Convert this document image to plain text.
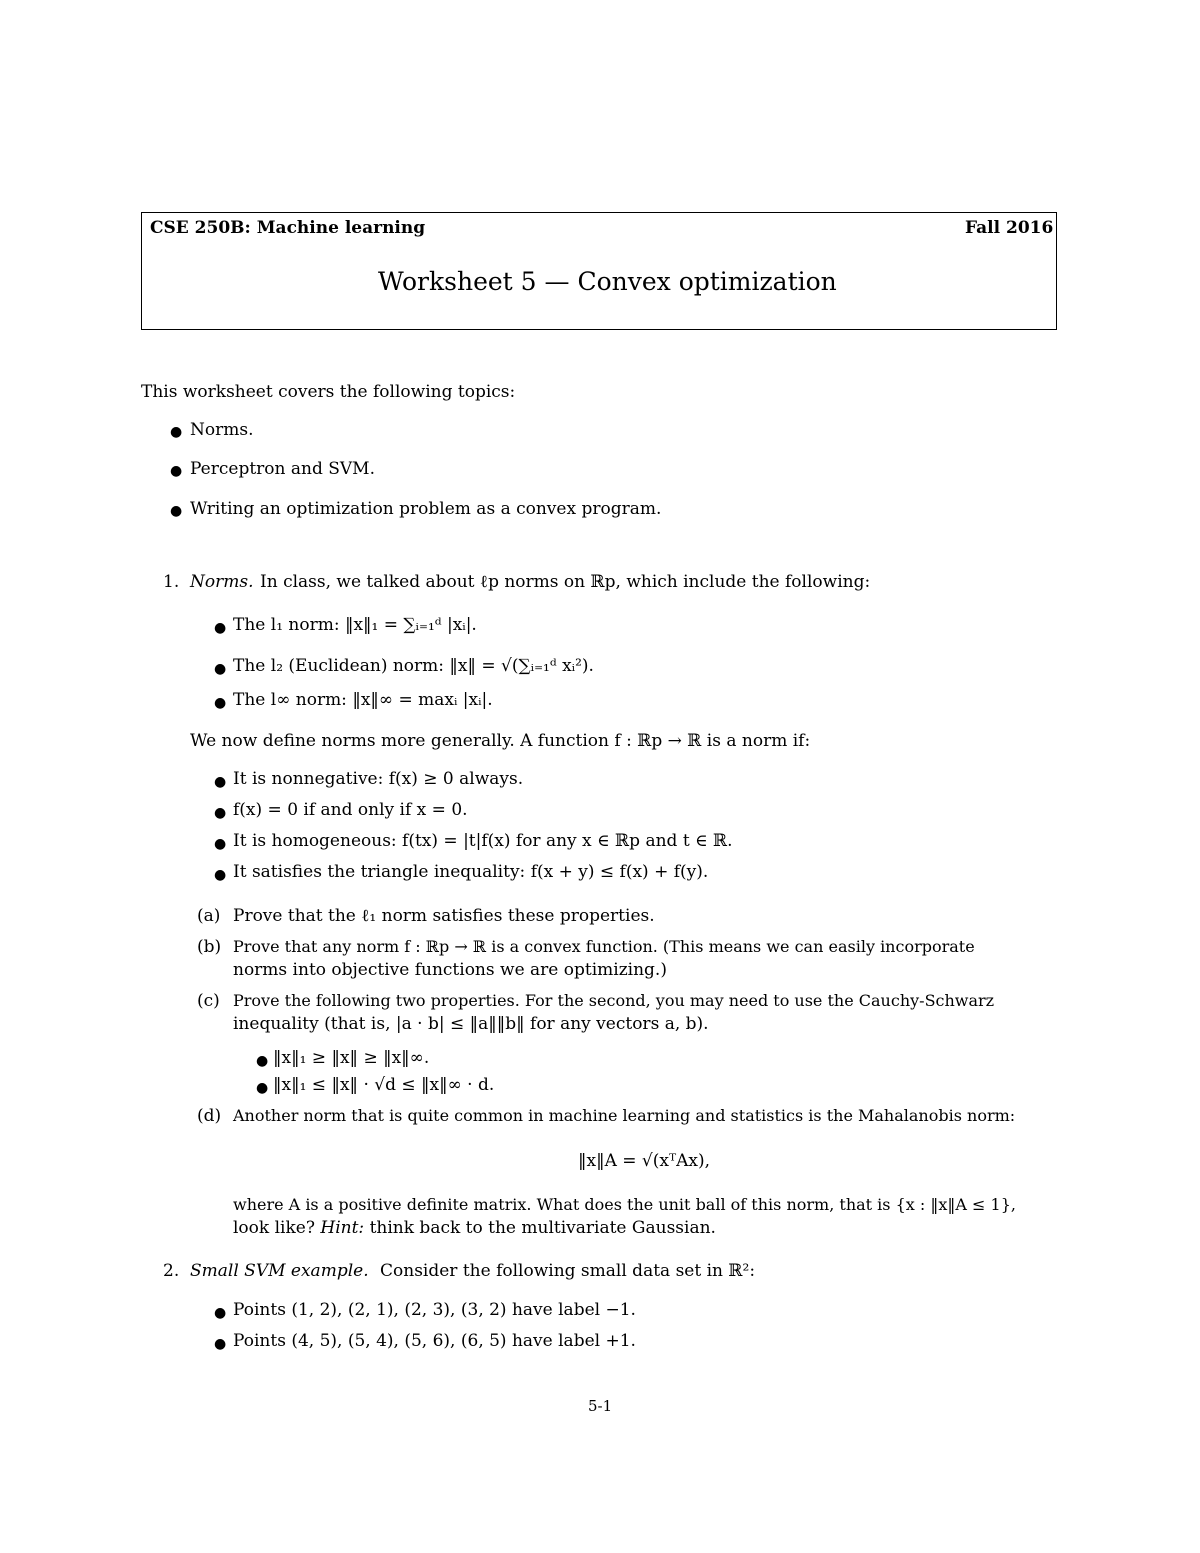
CSE 250B: Machine learning	Fall 2016
Worksheet 5 — Convex optimization
This worksheet covers the following topics:
● Norms.
● Perceptron and SVM.
● Writing an optimization problem as a convex program.
1. Norms. In class, we talked about ℓp norms on ℝp, which include the following:
● The l₁ norm: ‖x‖₁ = ∑ᵢ₌₁ᵈ |xᵢ|.
● The l₂ (Euclidean) norm: ‖x‖ = √(∑ᵢ₌₁ᵈ xᵢ²).
● The l∞ norm: ‖x‖∞ = maxᵢ |xᵢ|.
We now define norms more generally. A function f : ℝp → ℝ is a norm if:
● It is nonnegative: f(x) ≥ 0 always.
● f(x) = 0 if and only if x = 0.
● It is homogeneous: f(tx) = |t|f(x) for any x ∈ ℝp and t ∈ ℝ.
● It satisfies the triangle inequality: f(x + y) ≤ f(x) + f(y).
(a) Prove that the ℓ₁ norm satisfies these properties.
(b) Prove that any norm f : ℝp → ℝ is a convex function. (This means we can easily incorporate
norms into objective functions we are optimizing.)
(c) Prove the following two properties. For the second, you may need to use the Cauchy-Schwarz
inequality (that is, |a · b| ≤ ‖a‖‖b‖ for any vectors a, b).
● ‖x‖₁ ≥ ‖x‖ ≥ ‖x‖∞.
● ‖x‖₁ ≤ ‖x‖ · √d ≤ ‖x‖∞ · d.
(d) Another norm that is quite common in machine learning and statistics is the Mahalanobis norm:
‖x‖A = √(xᵀAx),
where A is a positive definite matrix. What does the unit ball of this norm, that is {x : ‖x‖A ≤ 1},
look like? Hint: think back to the multivariate Gaussian.
2. Small SVM example. Consider the following small data set in ℝ²:
● Points (1, 2), (2, 1), (2, 3), (3, 2) have label −1.
● Points (4, 5), (5, 4), (5, 6), (6, 5) have label +1.
5-1
